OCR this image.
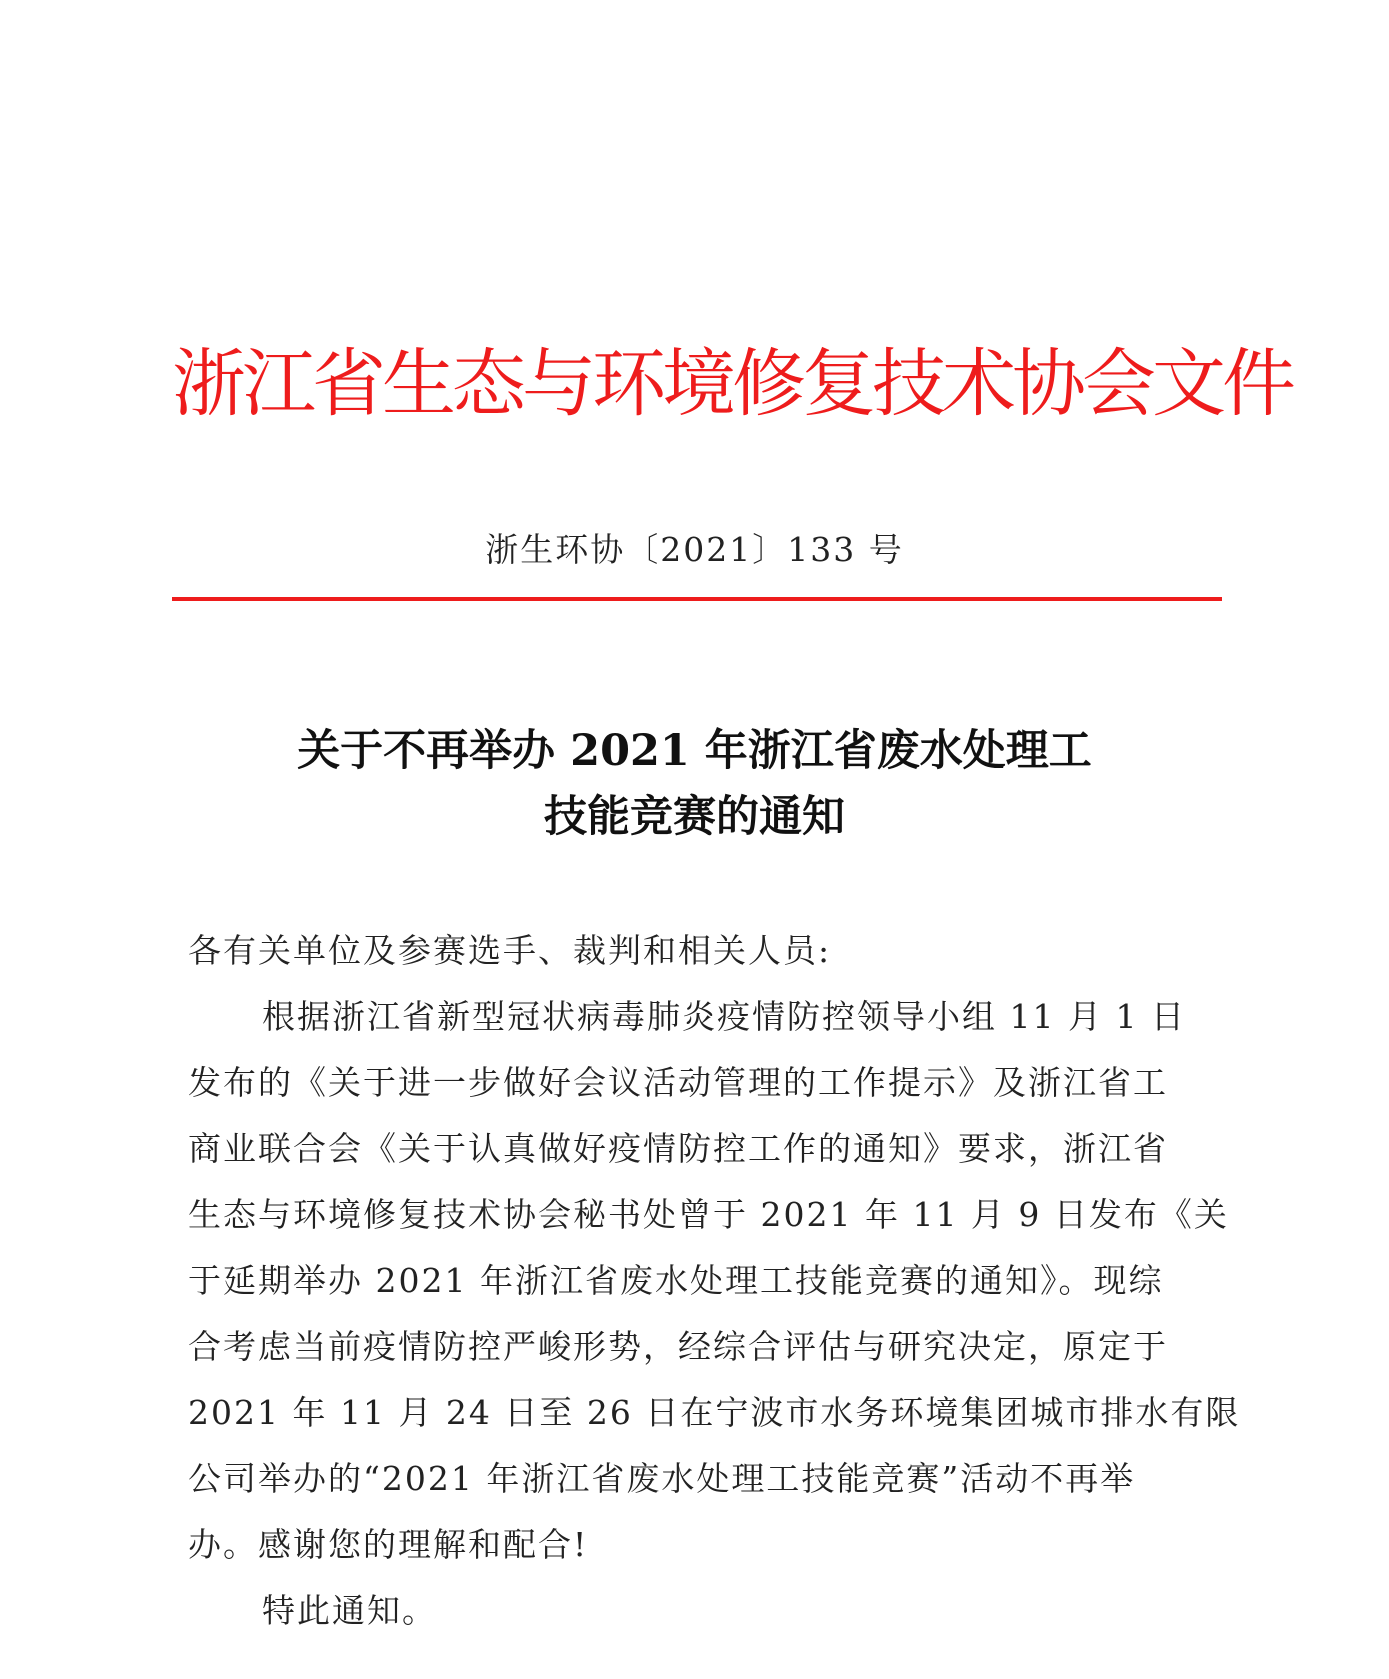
浙江省生态与环境修复技术协会文件
浙生环协〔2021〕133 号
关于不再举办 2021 年浙江省废水处理工
技能竞赛的通知
各有关单位及参赛选手、裁判和相关人员:
根据浙江省新型冠状病毒肺炎疫情防控领导小组 11 月 1 日
发布的《关于进一步做好会议活动管理的工作提示》及浙江省工
商业联合会《关于认真做好疫情防控工作的通知》要求，浙江省
生态与环境修复技术协会秘书处曾于 2021 年 11 月 9 日发布《关
于延期举办 2021 年浙江省废水处理工技能竞赛的通知》。现综
合考虑当前疫情防控严峻形势，经综合评估与研究决定，原定于
2021 年 11 月 24 日至 26 日在宁波市水务环境集团城市排水有限
公司举办的“2021 年浙江省废水处理工技能竞赛”活动不再举
办。感谢您的理解和配合!
特此通知。
